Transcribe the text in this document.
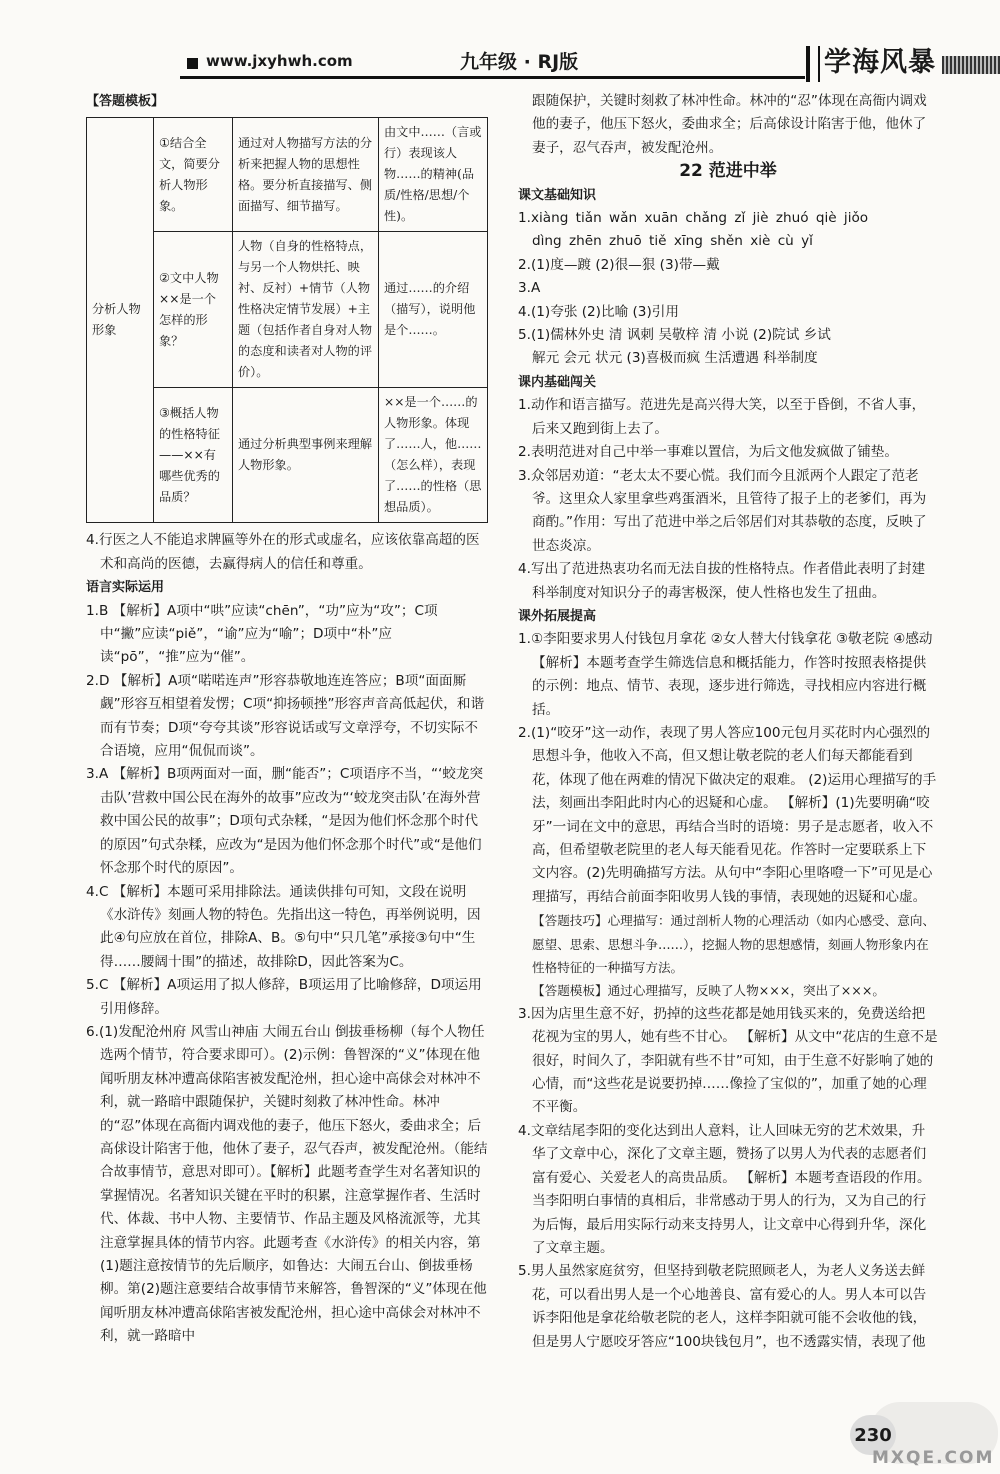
www.jxyhwh.com	九年级 · RJ版	学海风暴

【答题模板】

分析人物形象	①结合全文，简要分析人物形象。	通过对人物描写方法的分析来把握人物的思想性格。要分析直接描写、侧面描写、细节描写。	由文中……（言或行）表现该人物……的精神(品质/性格/思想/个性)。
	②文中人物××是一个怎样的形象？	人物（自身的性格特点，与另一个人物烘托、映衬、反衬）+情节（人物性格决定情节发展）+主题（包括作者自身对人物的态度和读者对人物的评价）。	通过……的介绍（描写），说明他是个……。
	③概括人物的性格特征——××有哪些优秀的品质？	通过分析典型事例来理解人物形象。	××是一个……的人物形象。体现了……人，他……（怎么样），表现了……的性格（思想品质）。

4.行医之人不能追求牌匾等外在的形式或虚名，应该依靠高超的医术和高尚的医德，去赢得病人的信任和尊重。

语言实际运用

1.B 【解析】A项中“哄”应读“chēn”，“功”应为“攻”；C项中“撇”应读“piě”，“谕”应为“喻”；D项中“朴”应读“pō”，“推”应为“催”。

2.D 【解析】A项“喏喏连声”形容恭敬地连连答应；B项“面面厮觑”形容互相望着发愣；C项“抑扬顿挫”形容声音高低起伏，和谐而有节奏；D项“夸夸其谈”形容说话或写文章浮夸，不切实际不合语境，应用“侃侃而谈”。

3.A 【解析】B项两面对一面，删“能否”；C项语序不当，“‘蛟龙突击队’营救中国公民在海外的故事”应改为“‘蛟龙突击队’在海外营救中国公民的故事”；D项句式杂糅，“是因为他们怀念那个时代的原因”句式杂糅，应改为“是因为他们怀念那个时代”或“是他们怀念那个时代的原因”。

4.C 【解析】本题可采用排除法。通读供排句可知，文段在说明《水浒传》刻画人物的特色。先指出这一特色，再举例说明，因此④句应放在首位，排除A、B。⑤句中“只几笔”承接③句中“生得……腰阔十围”的描述，故排除D，因此答案为C。

5.C 【解析】A项运用了拟人修辞，B项运用了比喻修辞，D项运用引用修辞。

6.(1)发配沧州府 风雪山神庙 大闹五台山 倒拔垂杨柳（每个人物任选两个情节，符合要求即可）。(2)示例：鲁智深的“义”体现在他闻听朋友林冲遭高俅陷害被发配沧州，担心途中高俅会对林冲不利，就一路暗中跟随保护，关键时刻救了林冲性命。林冲的“忍”体现在高衙内调戏他的妻子，他压下怒火，委曲求全；后高俅设计陷害于他，他休了妻子，忍气吞声，被发配沧州。（能结合故事情节，意思对即可）。【解析】此题考查学生对名著知识的掌握情况。名著知识关键在平时的积累，注意掌握作者、生活时代、体裁、书中人物、主要情节、作品主题及风格流派等，尤其注意掌握具体的情节内容。此题考查《水浒传》的相关内容，第(1)题注意按情节的先后顺序，如鲁达：大闹五台山、倒拔垂杨柳。第(2)题注意要结合故事情节来解答，鲁智深的“义”体现在他闻听朋友林冲遭高俅陷害被发配沧州，担心途中高俅会对林冲不利，就一路暗中

跟随保护，关键时刻救了林冲性命。林冲的“忍”体现在高衙内调戏他的妻子，他压下怒火，委曲求全；后高俅设计陷害于他，他休了妻子，忍气吞声，被发配沧州。

22 范进中举

课文基础知识

1.xiàng tiǎn wǎn xuān chǎng zǐ jiè zhuó qiè jiǒo

dìng zhēn zhuō tiě xīng shěn xiè cù yǐ

2.(1)度—踱 (2)很—狠 (3)带—戴

3.A

4.(1)夸张 (2)比喻 (3)引用

5.(1)儒林外史 清 讽刺 吴敬梓 清 小说 (2)院试 乡试

解元 会元 状元 (3)喜极而疯 生活遭遇 科举制度

课内基础闯关

1.动作和语言描写。范进先是高兴得大笑，以至于昏倒，不省人事，后来又跑到街上去了。

2.表明范进对自己中举一事难以置信，为后文他发疯做了铺垫。

3.众邻居劝道：“老太太不要心慌。我们而今且派两个人跟定了范老爷。这里众人家里拿些鸡蛋酒米，且管待了报子上的老爹们，再为商酌。”作用：写出了范进中举之后邻居们对其恭敬的态度，反映了世态炎凉。

4.写出了范进热衷功名而无法自拔的性格特点。作者借此表明了封建科举制度对知识分子的毒害极深，使人性格也发生了扭曲。

课外拓展提高

1.①李阳要求男人付钱包月拿花 ②女人替大付钱拿花 ③敬老院 ④感动 【解析】本题考查学生筛选信息和概括能力，作答时按照表格提供的示例：地点、情节、表现，逐步进行筛选，寻找相应内容进行概括。

2.(1)“咬牙”这一动作，表现了男人答应100元包月买花时内心强烈的思想斗争，他收入不高，但又想让敬老院的老人们每天都能看到花，体现了他在两难的情况下做决定的艰难。 (2)运用心理描写的手法，刻画出李阳此时内心的迟疑和心虚。 【解析】(1)先要明确“咬牙”一词在文中的意思，再结合当时的语境：男子是志愿者，收入不高，但希望敬老院里的老人每天能看见花。作答时一定要联系上下文内容。(2)先明确描写方法。从句中“李阳心里咯噔一下”可见是心理描写，再结合前面李阳收男人钱的事情，表现她的迟疑和心虚。

【答题技巧】心理描写：通过剖析人物的心理活动（如内心感受、意向、愿望、思索、思想斗争……），挖掘人物的思想感情，刻画人物形象内在性格特征的一种描写方法。

【答题模板】通过心理描写，反映了人物×××，突出了×××。

3.因为店里生意不好，扔掉的这些花都是她用钱买来的，免费送给把花视为宝的男人，她有些不甘心。 【解析】从文中“花店的生意不是很好，时间久了，李阳就有些不甘”可知，由于生意不好影响了她的心情，而“这些花是说要扔掉……像捡了宝似的”，加重了她的心理不平衡。

4.文章结尾李阳的变化达到出人意料，让人回味无穷的艺术效果，升华了文章中心，深化了文章主题，赞扬了以男人为代表的志愿者们富有爱心、关爱老人的高贵品质。 【解析】本题考查语段的作用。当李阳明白事情的真相后，非常感动于男人的行为，又为自己的行为后悔，最后用实际行动来支持男人，让文章中心得到升华，深化了文章主题。

5.男人虽然家庭贫穷，但坚持到敬老院照顾老人，为老人义务送去鲜花，可以看出男人是一个心地善良、富有爱心的人。男人本可以告诉李阳他是拿花给敬老院的老人，这样李阳就可能不会收他的钱，但是男人宁愿咬牙答应“100块钱包月”，也不透露实情，表现了他

230
MXQE.COM
